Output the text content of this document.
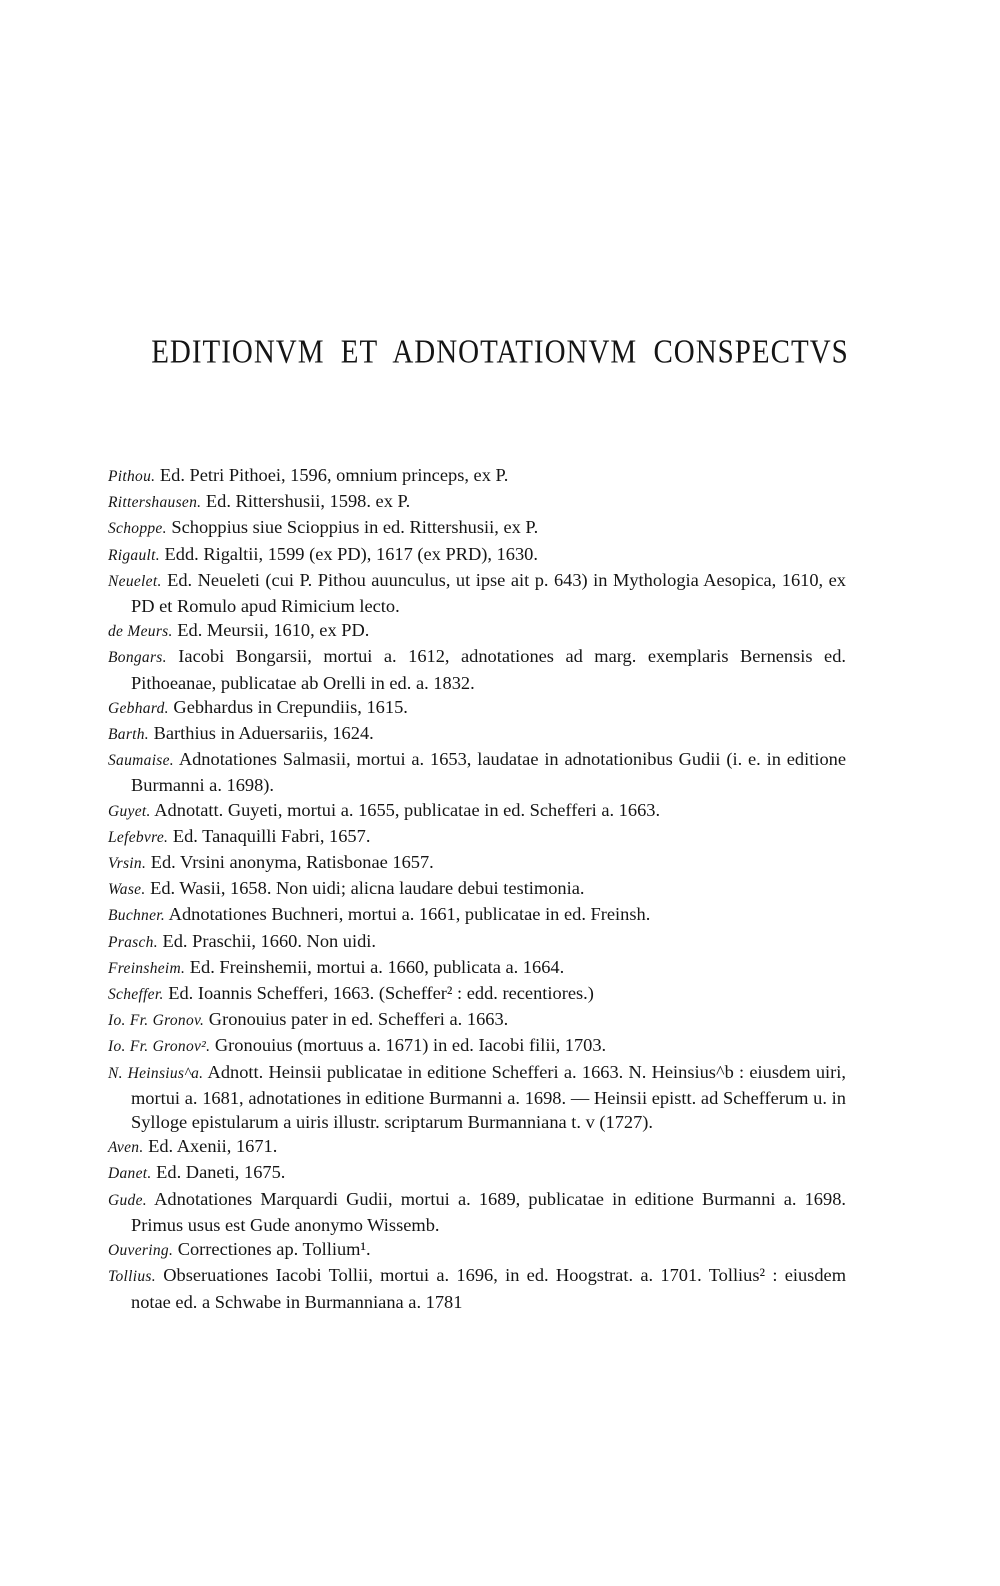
EDITIONVM ET ADNOTATIONVM CONSPECTVS
Pithou. Ed. Petri Pithoei, 1596, omnium princeps, ex P.
Rittershausen. Ed. Rittershusii, 1598. ex P.
Schoppe. Schoppius siue Scioppius in ed. Rittershusii, ex P.
Rigault. Edd. Rigaltii, 1599 (ex PD), 1617 (ex PRD), 1630.
Neuelet. Ed. Neueleti (cui P. Pithou auunculus, ut ipse ait p. 643) in Mythologia Aesopica, 1610, ex PD et Romulo apud Rimicium lecto.
de Meurs. Ed. Meursii, 1610, ex PD.
Bongars. Iacobi Bongarsii, mortui a. 1612, adnotationes ad marg. exemplaris Bernensis ed. Pithoeanae, publicatae ab Orelli in ed. a. 1832.
Gebhard. Gebhardus in Crepundiis, 1615.
Barth. Barthius in Aduersariis, 1624.
Saumaise. Adnotationes Salmasii, mortui a. 1653, laudatae in adnotationibus Gudii (i. e. in editione Burmanni a. 1698).
Guyet. Adnotatt. Guyeti, mortui a. 1655, publicatae in ed. Schefferi a. 1663.
Lefebvre. Ed. Tanaquilli Fabri, 1657.
Vrsin. Ed. Vrsini anonyma, Ratisbonae 1657.
Wase. Ed. Wasii, 1658. Non uidi; alicna laudare debui testimonia.
Buchner. Adnotationes Buchneri, mortui a. 1661, publicatae in ed. Freinsh.
Prasch. Ed. Praschii, 1660. Non uidi.
Freinsheim. Ed. Freinshemii, mortui a. 1660, publicata a. 1664.
Scheffer. Ed. Ioannis Schefferi, 1663. (Scheffer² : edd. recentiores.)
Io. Fr. Gronov. Gronouius pater in ed. Schefferi a. 1663.
Io. Fr. Gronov². Gronouius (mortuus a. 1671) in ed. Iacobi filii, 1703.
N. Heinsius^a. Adnott. Heinsii publicatae in editione Schefferi a. 1663. N. Heinsius^b : eiusdem uiri, mortui a. 1681, adnotationes in editione Burmanni a. 1698. — Heinsii epistt. ad Schefferum u. in Sylloge epistularum a uiris illustr. scriptarum Burmanniana t. v (1727).
Aven. Ed. Axenii, 1671.
Danet. Ed. Daneti, 1675.
Gude. Adnotationes Marquardi Gudii, mortui a. 1689, publicatae in editione Burmanni a. 1698. Primus usus est Gude anonymo Wissemb.
Ouvering. Correctiones ap. Tollium¹.
Tollius. Obseruationes Iacobi Tollii, mortui a. 1696, in ed. Hoogstrat. a. 1701. Tollius² : eiusdem notae ed. a Schwabe in Burmanniana a. 1781
